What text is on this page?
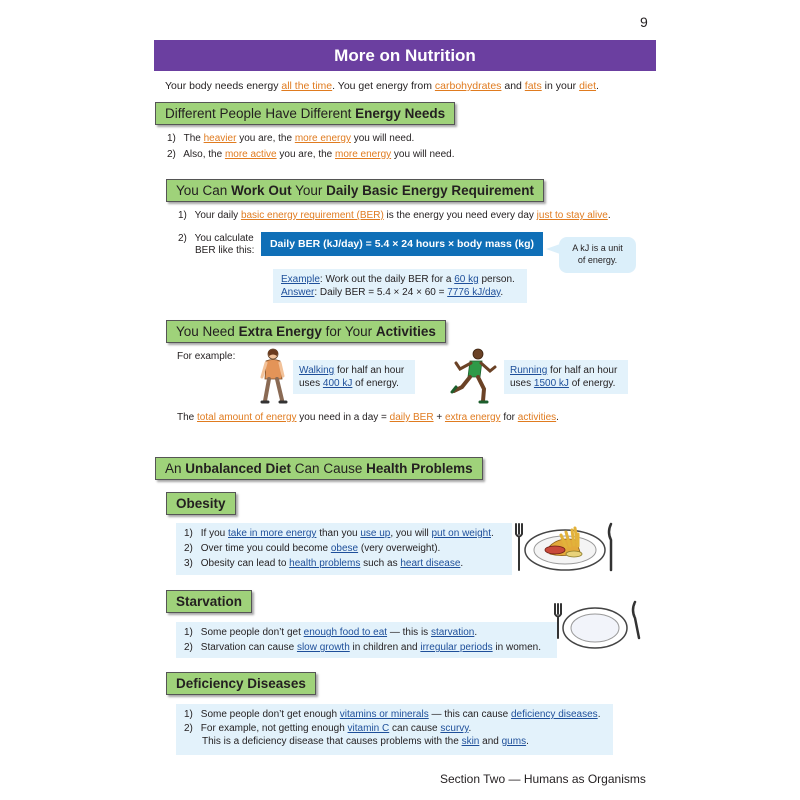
9
More on Nutrition
Your body needs energy all the time. You get energy from carbohydrates and fats in your diet.
Different People Have Different Energy Needs
1) The heavier you are, the more energy you will need.
2) Also, the more active you are, the more energy you will need.
You Can Work Out Your Daily Basic Energy Requirement
1) Your daily basic energy requirement (BER) is the energy you need every day just to stay alive.
2) You calculate
BER like this:
Daily BER (kJ/day) = 5.4 × 24 hours × body mass (kg)	A kJ is a unit
of energy.
Example: Work out the daily BER for a 60 kg person.
Answer: Daily BER = 5.4 × 24 × 60 = 7776 kJ/day.
You Need Extra Energy for Your Activities
For example:
Walking for half an hour
uses 400 kJ of energy.
Running for half an hour
uses 1500 kJ of energy.
The total amount of energy you need in a day = daily BER + extra energy for activities.
An Unbalanced Diet Can Cause Health Problems
Obesity
1) If you take in more energy than you use up, you will put on weight.
2) Over time you could become obese (very overweight).
3) Obesity can lead to health problems such as heart disease.
Starvation
1) Some people don’t get enough food to eat — this is starvation.
2) Starvation can cause slow growth in children and irregular periods in women.
Deficiency Diseases
1) Some people don’t get enough vitamins or minerals — this can cause deficiency diseases.
2) For example, not getting enough vitamin C can cause scurvy.
This is a deficiency disease that causes problems with the skin and gums.
Section Two — Humans as Organisms
